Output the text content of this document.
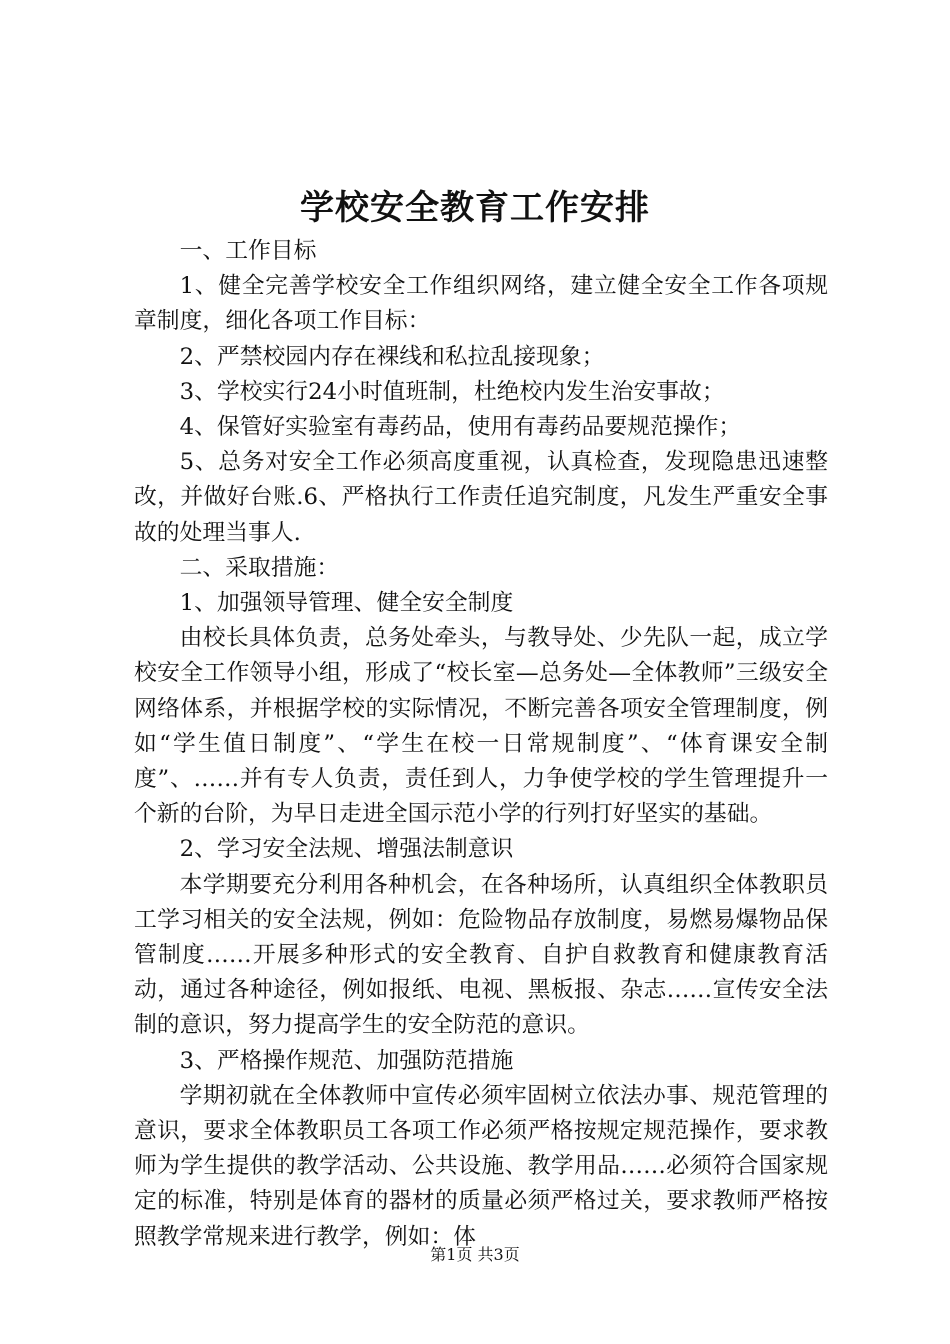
学校安全教育工作安排

一、工作目标

1、健全完善学校安全工作组织网络，建立健全安全工作各项规章制度，细化各项工作目标：

2、严禁校园内存在裸线和私拉乱接现象；

3、学校实行24小时值班制，杜绝校内发生治安事故；

4、保管好实验室有毒药品，使用有毒药品要规范操作；

5、总务对安全工作必须高度重视，认真检查，发现隐患迅速整改，并做好台账.6、严格执行工作责任追究制度，凡发生严重安全事故的处理当事人.

二、采取措施：

1、加强领导管理、健全安全制度

由校长具体负责，总务处牵头，与教导处、少先队一起，成立学校安全工作领导小组，形成了“校长室—总务处—全体教师”三级安全网络体系，并根据学校的实际情况，不断完善各项安全管理制度，例如“学生值日制度”、“学生在校一日常规制度”、“体育课安全制度”、……并有专人负责，责任到人，力争使学校的学生管理提升一个新的台阶，为早日走进全国示范小学的行列打好坚实的基础。

2、学习安全法规、增强法制意识

本学期要充分利用各种机会，在各种场所，认真组织全体教职员工学习相关的安全法规，例如：危险物品存放制度，易燃易爆物品保管制度……开展多种形式的安全教育、自护自救教育和健康教育活动，通过各种途径，例如报纸、电视、黑板报、杂志……宣传安全法制的意识，努力提高学生的安全防范的意识。

3、严格操作规范、加强防范措施

学期初就在全体教师中宣传必须牢固树立依法办事、规范管理的意识，要求全体教职员工各项工作必须严格按规定规范操作，要求教师为学生提供的教学活动、公共设施、教学用品……必须符合国家规定的标准，特别是体育的器材的质量必须严格过关，要求教师严格按照教学常规来进行教学，例如：体

第1页 共3页
